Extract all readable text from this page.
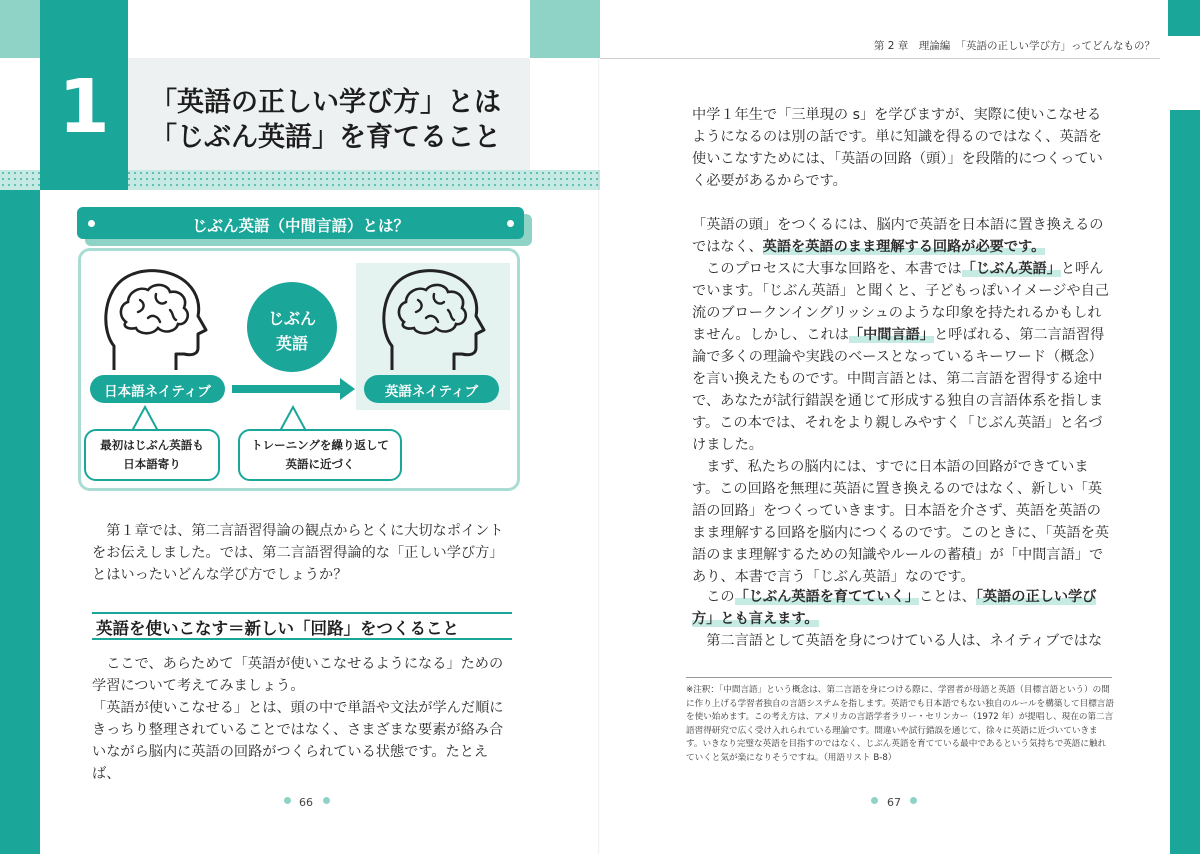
1	「英語の正しい学び方」とは
「じぶん英語」を育てること
第 2 章　理論編　「英語の正しい学び方」ってどんなもの？
じぶん英語（中間言語）とは？
じぶん
英語
日本語ネイティブ	英語ネイティブ
最初はじぶん英語も
日本語寄り
トレーニングを繰り返して
英語に近づく
　第１章では、第二言語習得論の観点からとくに大切なポイントをお伝えしました。では、第二言語習得論的な「正しい学び方」とはいったいどんな学び方でしょうか？
英語を使いこなす＝新しい「回路」をつくること
ここで、あらためて「英語が使いこなせるようになる」ための学習について考えてみましょう。
「英語が使いこなせる」とは、頭の中で単語や文法が学んだ順にきっちり整理されていることではなく、さまざまな要素が絡み合いながら脳内に英語の回路がつくられている状態です。たとえば、
66
中学１年生で「三単現の s」を学びますが、実際に使いこなせるようになるのは別の話です。単に知識を得るのではなく、英語を使いこなすためには、「英語の回路（頭）」を段階的につくっていく必要があるからです。
「英語の頭」をつくるには、脳内で英語を日本語に置き換えるのではなく、英語を英語のまま理解する回路が必要です。
このプロセスに大事な回路を、本書では「じぶん英語」と呼んでいます。「じぶん英語」と聞くと、子どもっぽいイメージや自己流のブロークンイングリッシュのような印象を持たれるかもしれません。しかし、これは「中間言語」と呼ばれる、第二言語習得論で多くの理論や実践のベースとなっているキーワード（概念）を言い換えたものです。中間言語とは、第二言語を習得する途中で、あなたが試行錯誤を通じて形成する独自の言語体系を指します。この本では、それをより親しみやすく「じぶん英語」と名づけました。
まず、私たちの脳内には、すでに日本語の回路ができています。この回路を無理に英語に置き換えるのではなく、新しい「英語の回路」をつくっていきます。日本語を介さず、英語を英語のまま理解する回路を脳内につくるのです。このときに、「英語を英語のまま理解するための知識やルールの蓄積」が「中間言語」であり、本書で言う「じぶん英語」なのです。
この「じぶん英語を育てていく」ことは、「英語の正しい学び方」とも言えます。
第二言語として英語を身につけている人は、ネイティブではな
※注釈：「中間言語」という概念は、第二言語を身につける際に、学習者が母語と英語（目標言語という）の間に作り上げる学習者独自の言語システムを指します。英語でも日本語でもない独自のルールを構築して目標言語を使い始めます。この考え方は、アメリカの言語学者ラリー・セリンカー（1972 年）が提唱し、現在の第二言語習得研究で広く受け入れられている理論です。間違いや試行錯誤を通じて、徐々に英語に近づいていきます。いきなり完璧な英語を目指すのではなく、じぶん英語を育てている最中であるという気持ちで英語に触れていくと気が楽になりそうですね。（用語リスト B-8）
67
